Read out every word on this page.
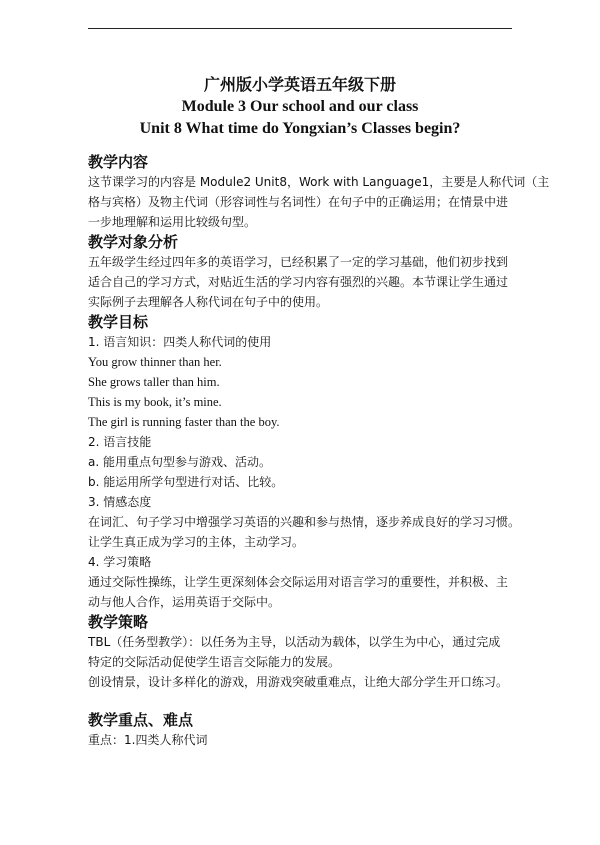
广州版小学英语五年级下册

Module 3 Our school and our class

Unit 8 What time do Yongxian’s Classes begin?

教学内容

这节课学习的内容是 Module2 Unit8，Work with Language1，主要是人称代词（主

格与宾格）及物主代词（形容词性与名词性）在句子中的正确运用；在情景中进

一步地理解和运用比较级句型。

教学对象分析

五年级学生经过四年多的英语学习，已经积累了一定的学习基础，他们初步找到

适合自己的学习方式，对贴近生活的学习内容有强烈的兴趣。本节课让学生通过

实际例子去理解各人称代词在句子中的使用。

教学目标

1. 语言知识：四类人称代词的使用

You grow thinner than her.

She grows taller than him.

This is my book, it’s mine.

The girl is running faster than the boy.

2. 语言技能

a. 能用重点句型参与游戏、活动。

b. 能运用所学句型进行对话、比较。

3. 情感态度

在词汇、句子学习中增强学习英语的兴趣和参与热情，逐步养成良好的学习习惯。

让学生真正成为学习的主体，主动学习。

4. 学习策略

通过交际性操练，让学生更深刻体会交际运用对语言学习的重要性，并积极、主

动与他人合作，运用英语于交际中。

教学策略

TBL（任务型教学）：以任务为主导，以活动为载体，以学生为中心，通过完成

特定的交际活动促使学生语言交际能力的发展。

创设情景，设计多样化的游戏，用游戏突破重难点，让绝大部分学生开口练习。

教学重点、难点

重点：1.四类人称代词
